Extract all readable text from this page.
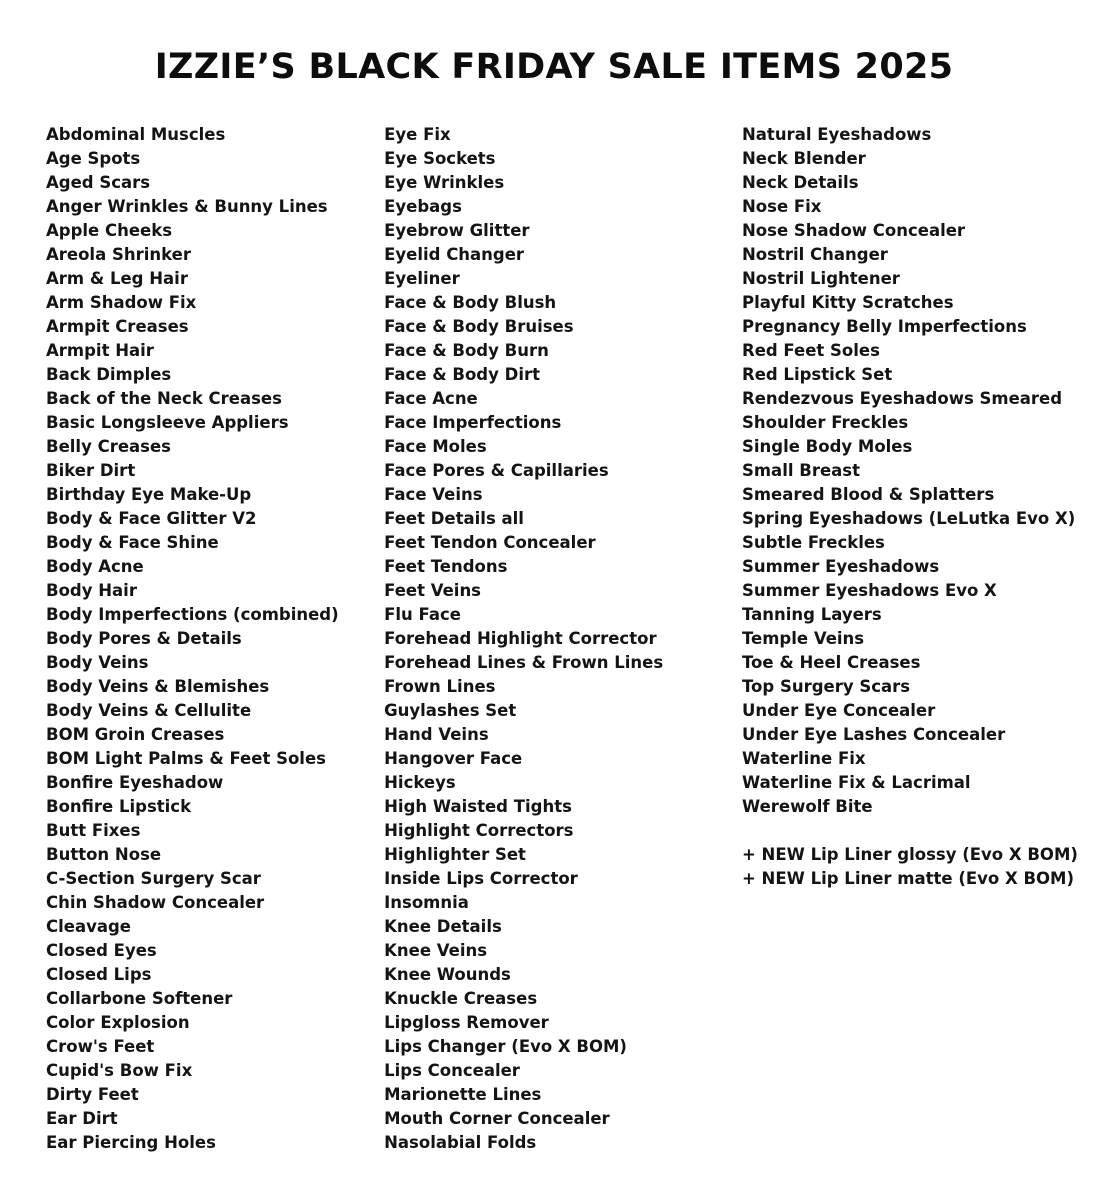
IZZIE’S BLACK FRIDAY SALE ITEMS 2025
Abdominal Muscles
Age Spots
Aged Scars
Anger Wrinkles & Bunny Lines
Apple Cheeks
Areola Shrinker
Arm & Leg Hair
Arm Shadow Fix
Armpit Creases
Armpit Hair
Back Dimples
Back of the Neck Creases
Basic Longsleeve Appliers
Belly Creases
Biker Dirt
Birthday Eye Make-Up
Body & Face Glitter V2
Body & Face Shine
Body Acne
Body Hair
Body Imperfections (combined)
Body Pores & Details
Body Veins
Body Veins & Blemishes
Body Veins & Cellulite
BOM Groin Creases
BOM Light Palms & Feet Soles
Bonfire Eyeshadow
Bonfire Lipstick
Butt Fixes
Button Nose
C-Section Surgery Scar
Chin Shadow Concealer
Cleavage
Closed Eyes
Closed Lips
Collarbone Softener
Color Explosion
Crow's Feet
Cupid's Bow Fix
Dirty Feet
Ear Dirt
Ear Piercing Holes
Eye Fix
Eye Sockets
Eye Wrinkles
Eyebags
Eyebrow Glitter
Eyelid Changer
Eyeliner
Face & Body Blush
Face & Body Bruises
Face & Body Burn
Face & Body Dirt
Face Acne
Face Imperfections
Face Moles
Face Pores & Capillaries
Face Veins
Feet Details all
Feet Tendon Concealer
Feet Tendons
Feet Veins
Flu Face
Forehead Highlight Corrector
Forehead Lines & Frown Lines
Frown Lines
Guylashes Set
Hand Veins
Hangover Face
Hickeys
High Waisted Tights
Highlight Correctors
Highlighter Set
Inside Lips Corrector
Insomnia
Knee Details
Knee Veins
Knee Wounds
Knuckle Creases
Lipgloss Remover
Lips Changer (Evo X BOM)
Lips Concealer
Marionette Lines
Mouth Corner Concealer
Nasolabial Folds
Natural Eyeshadows
Neck Blender
Neck Details
Nose Fix
Nose Shadow Concealer
Nostril Changer
Nostril Lightener
Playful Kitty Scratches
Pregnancy Belly Imperfections
Red Feet Soles
Red Lipstick Set
Rendezvous Eyeshadows Smeared
Shoulder Freckles
Single Body Moles
Small Breast
Smeared Blood & Splatters
Spring Eyeshadows (LeLutka Evo X)
Subtle Freckles
Summer Eyeshadows
Summer Eyeshadows Evo X
Tanning Layers
Temple Veins
Toe & Heel Creases
Top Surgery Scars
Under Eye Concealer
Under Eye Lashes Concealer
Waterline Fix
Waterline Fix & Lacrimal
Werewolf Bite
+ NEW Lip Liner glossy (Evo X BOM)
+ NEW Lip Liner matte (Evo X BOM)
